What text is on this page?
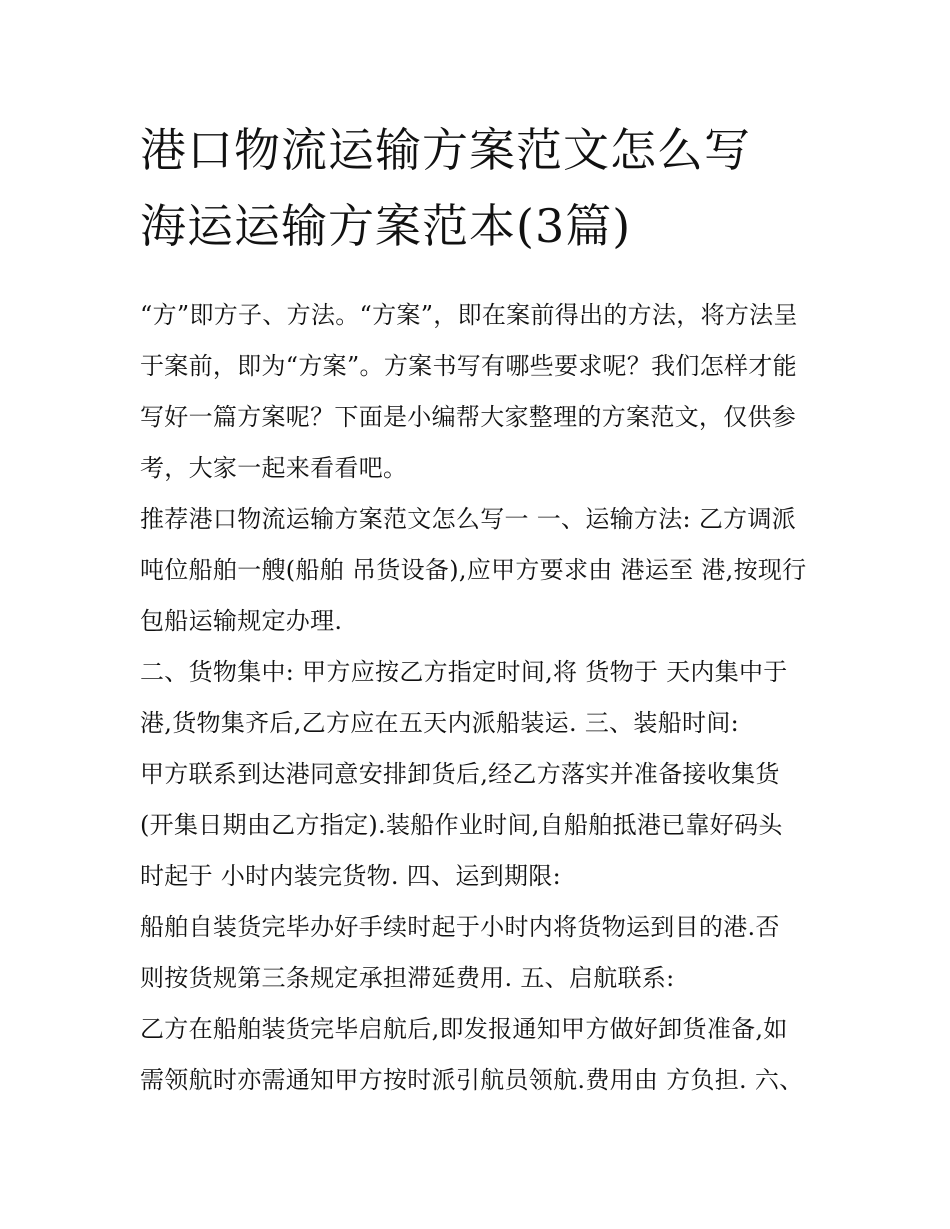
港口物流运输方案范文怎么写
海运运输方案范本(3篇)

“方”即方子、方法。“方案”，即在案前得出的方法，将方法呈
于案前，即为“方案”。方案书写有哪些要求呢？我们怎样才能
写好一篇方案呢？下面是小编帮大家整理的方案范文，仅供参
考，大家一起来看看吧。

推荐港口物流运输方案范文怎么写一 一、运输方法: 乙方调派
吨位船舶一艘(船舶 吊货设备),应甲方要求由 港运至 港,按现行
包船运输规定办理.

二、货物集中: 甲方应按乙方指定时间,将 货物于 天内集中于
港,货物集齐后,乙方应在五天内派船装运. 三、装船时间:

甲方联系到达港同意安排卸货后,经乙方落实并准备接收集货
(开集日期由乙方指定).装船作业时间,自船舶抵港已靠好码头
时起于 小时内装完货物. 四、运到期限:

船舶自装货完毕办好手续时起于小时内将货物运到目的港.否
则按货规第三条规定承担滞延费用. 五、启航联系:

乙方在船舶装货完毕启航后,即发报通知甲方做好卸货准备,如
需领航时亦需通知甲方按时派引航员领航.费用由 方负担. 六、
